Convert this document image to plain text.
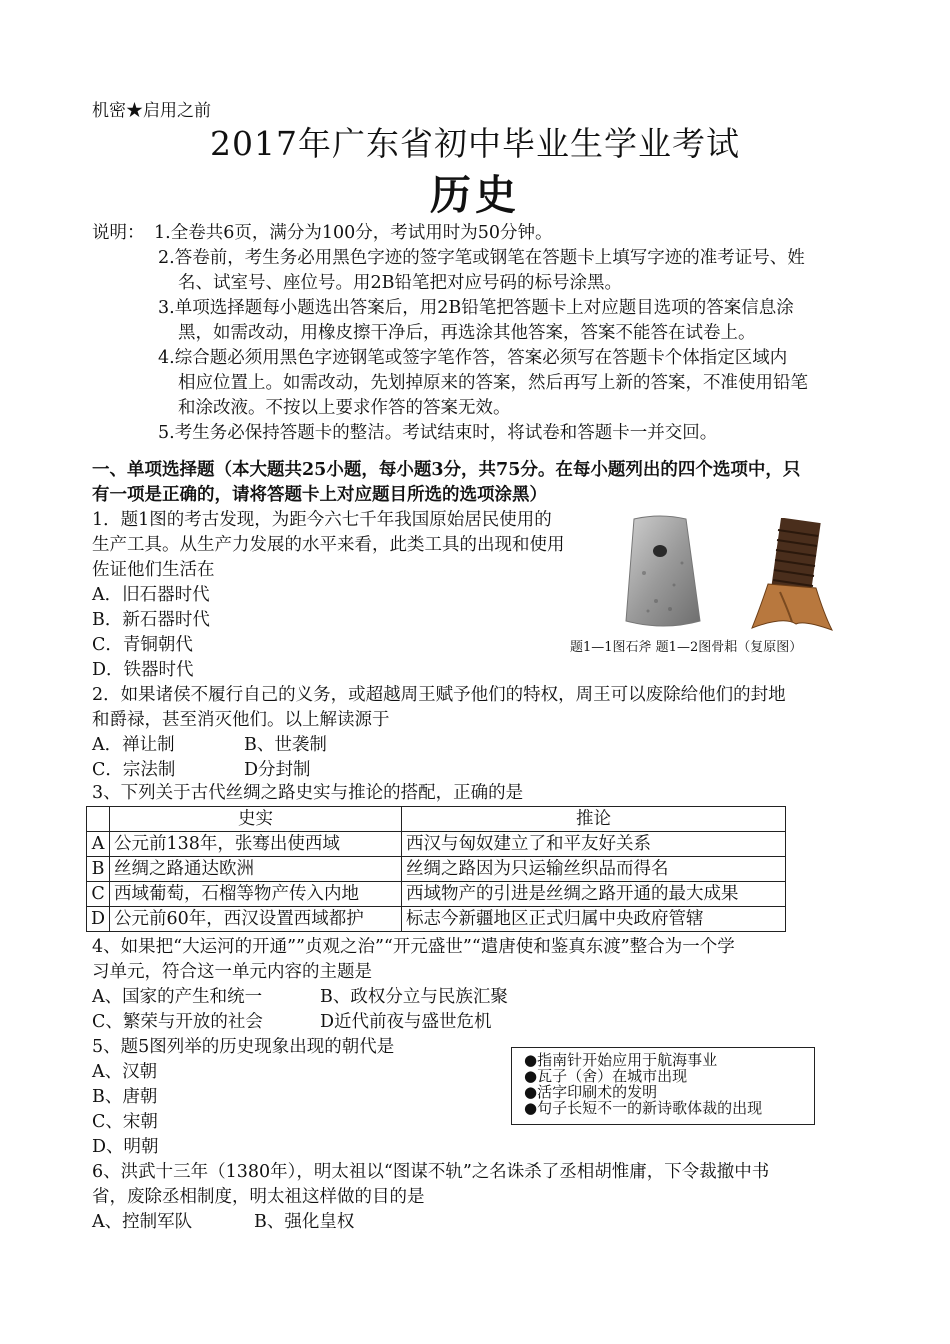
机密★启用之前
2017年广东省初中毕业生学业考试
历史
说明： 1.全卷共6页，满分为100分，考试用时为50分钟。
2.答卷前，考生务必用黑色字迹的签字笔或钢笔在答题卡上填写字迹的准考证号、姓
名、试室号、座位号。用2B铅笔把对应号码的标号涂黑。
3.单项选择题每小题选出答案后，用2B铅笔把答题卡上对应题目选项的答案信息涂
黑，如需改动，用橡皮擦干净后，再选涂其他答案，答案不能答在试卷上。
4.综合题必须用黑色字迹钢笔或签字笔作答，答案必须写在答题卡个体指定区域内
相应位置上。如需改动，先划掉原来的答案，然后再写上新的答案，不准使用铅笔
和涂改液。不按以上要求作答的答案无效。
5.考生务必保持答题卡的整洁。考试结束时，将试卷和答题卡一并交回。
一、单项选择题（本大题共25小题，每小题3分，共75分。在每小题列出的四个选项中，只
有一项是正确的，请将答题卡上对应题目所选的选项涂黑）
1．题1图的考古发现，为距今六七千年我国原始居民使用的
生产工具。从生产力发展的水平来看，此类工具的出现和使用
佐证他们生活在
A．旧石器时代
B．新石器时代
C．青铜朝代
D．铁器时代
题1—1图石斧 题1—2图骨耜（复原图）
2．如果诸侯不履行自己的义务，或超越周王赋予他们的特权，周王可以废除给他们的封地
和爵禄，甚至消灭他们。以上解读源于
A．禅让制	B、世袭制
C．宗法制	D分封制
3、下列关于古代丝绸之路史实与推论的搭配，正确的是
	史实	推论
A	公元前138年，张骞出使西域	西汉与匈奴建立了和平友好关系
B	丝绸之路通达欧洲	丝绸之路因为只运输丝织品而得名
C	西域葡萄，石榴等物产传入内地	西域物产的引进是丝绸之路开通的最大成果
D	公元前60年，西汉设置西域都护	标志今新疆地区正式归属中央政府管辖
4、如果把“大运河的开通””贞观之治”“开元盛世”“遣唐使和鉴真东渡”整合为一个学
习单元，符合这一单元内容的主题是
A、国家的产生和统一	B、政权分立与民族汇聚
C、繁荣与开放的社会	D近代前夜与盛世危机
5、题5图列举的历史现象出现的朝代是
A、汉朝
B、唐朝
C、宋朝
D、明朝
●指南针开始应用于航海事业
●瓦子（舍）在城市出现
●活字印刷术的发明
●句子长短不一的新诗歌体裁的出现
6、洪武十三年（1380年），明太祖以“图谋不轨”之名诛杀了丞相胡惟庸，下令裁撤中书
省，废除丞相制度，明太祖这样做的目的是
A、控制军队	B、强化皇权
